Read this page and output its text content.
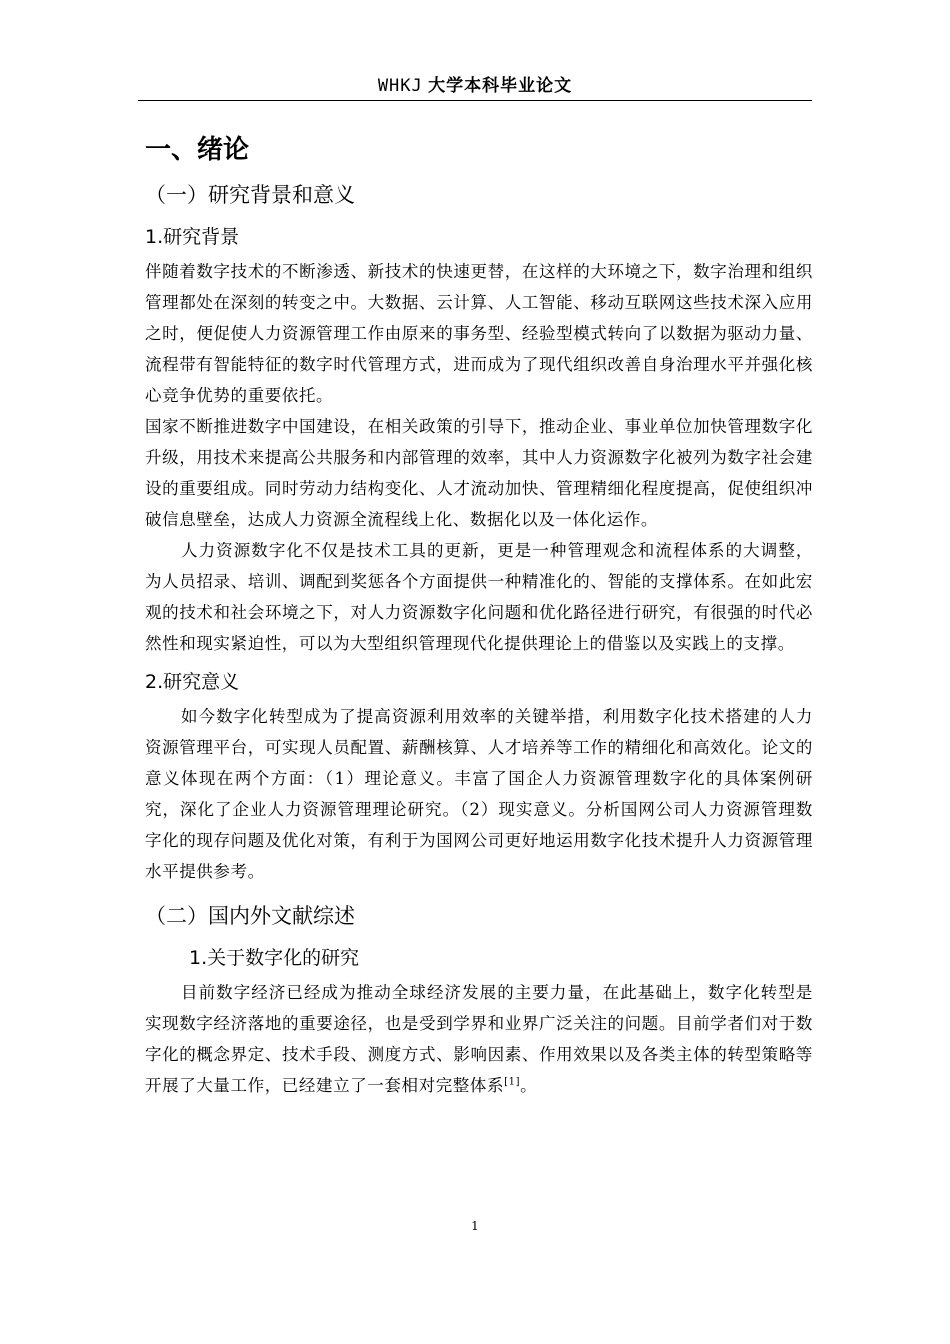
WHKJ 大学本科毕业论文
一、绪论
（一）研究背景和意义
1.研究背景

伴随着数字技术的不断渗透、新技术的快速更替，在这样的大环境之下，数字治理和组织管理都处在深刻的转变之中。大数据、云计算、人工智能、移动互联网这些技术深入应用之时，便促使人力资源管理工作由原来的事务型、经验型模式转向了以数据为驱动力量、流程带有智能特征的数字时代管理方式，进而成为了现代组织改善自身治理水平并强化核心竞争优势的重要依托。

国家不断推进数字中国建设，在相关政策的引导下，推动企业、事业单位加快管理数字化升级，用技术来提高公共服务和内部管理的效率，其中人力资源数字化被列为数字社会建设的重要组成。同时劳动力结构变化、人才流动加快、管理精细化程度提高，促使组织冲破信息壁垒，达成人力资源全流程线上化、数据化以及一体化运作。

人力资源数字化不仅是技术工具的更新，更是一种管理观念和流程体系的大调整，为人员招录、培训、调配到奖惩各个方面提供一种精准化的、智能的支撑体系。在如此宏观的技术和社会环境之下，对人力资源数字化问题和优化路径进行研究，有很强的时代必然性和现实紧迫性，可以为大型组织管理现代化提供理论上的借鉴以及实践上的支撑。

2.研究意义

如今数字化转型成为了提高资源利用效率的关键举措，利用数字化技术搭建的人力资源管理平台，可实现人员配置、薪酬核算、人才培养等工作的精细化和高效化。论文的意义体现在两个方面：（1）理论意义。丰富了国企人力资源管理数字化的具体案例研究，深化了企业人力资源管理理论研究。（2）现实意义。分析国网公司人力资源管理数字化的现存问题及优化对策，有利于为国网公司更好地运用数字化技术提升人力资源管理水平提供参考。

（二）国内外文献综述
1.关于数字化的研究

目前数字经济已经成为推动全球经济发展的主要力量，在此基础上，数字化转型是实现数字经济落地的重要途径，也是受到学界和业界广泛关注的问题。目前学者们对于数字化的概念界定、技术手段、测度方式、影响因素、作用效果以及各类主体的转型策略等开展了大量工作，已经建立了一套相对完整体系[1]。

1
